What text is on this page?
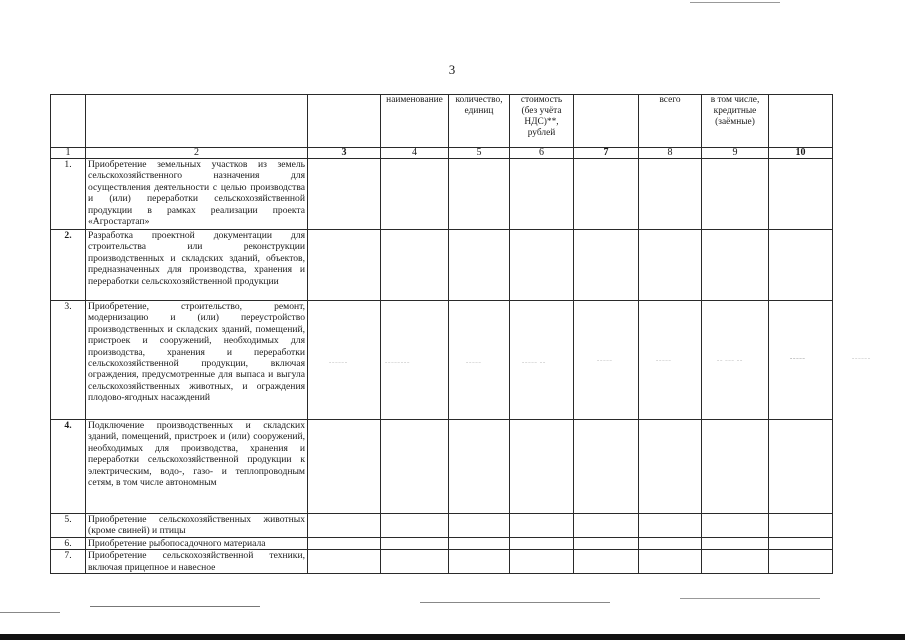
3
			наименование	количество, единиц	стоимость (без учёта НДС)**, рублей		всего	в том числе, кредитные (заёмные)	
1	2	3	4	5	6	7	8	9	10
1.	Приобретение земельных участков из земель сельскохозяйственного назначения для осуществления деятельности с целью производства и (или) переработки сельскохозяйственной продукции в рамках реализации проекта «Агростартап»								
2.	Разработка проектной документации для строительства или реконструкции производственных и складских зданий, объектов, предназначенных для производства, хранения и переработки сельскохозяйственной продукции								
3.	Приобретение, строительство, ремонт, модернизацию и (или) переустройство производственных и складских зданий, помещений, пристроек и сооружений, необходимых для производства, хранения и переработки сельскохозяйственной продукции, включая ограждения, предусмотренные для выпаса и выгула сельскохозяйственных животных, и ограждения плодово-ягодных насаждений								
4.	Подключение производственных и складских зданий, помещений, пристроек и (или) сооружений, необходимых для производства, хранения и переработки сельскохозяйственной продукции к электрическим, водо-, газо- и теплопроводным сетям, в том числе автономным								
5.	Приобретение сельскохозяйственных животных (кроме свиней) и птицы								
6.	Приобретение рыбопосадочного материала								
7.	Приобретение сельскохозяйственной техники, включая прицепное и навесное								
~~~~~~	~~~~~~~~	~~~~~	~~~~~ ~~	~~~~~	~~~~~	~~ ~~~ ~~	~~~~~	~~~~~~
